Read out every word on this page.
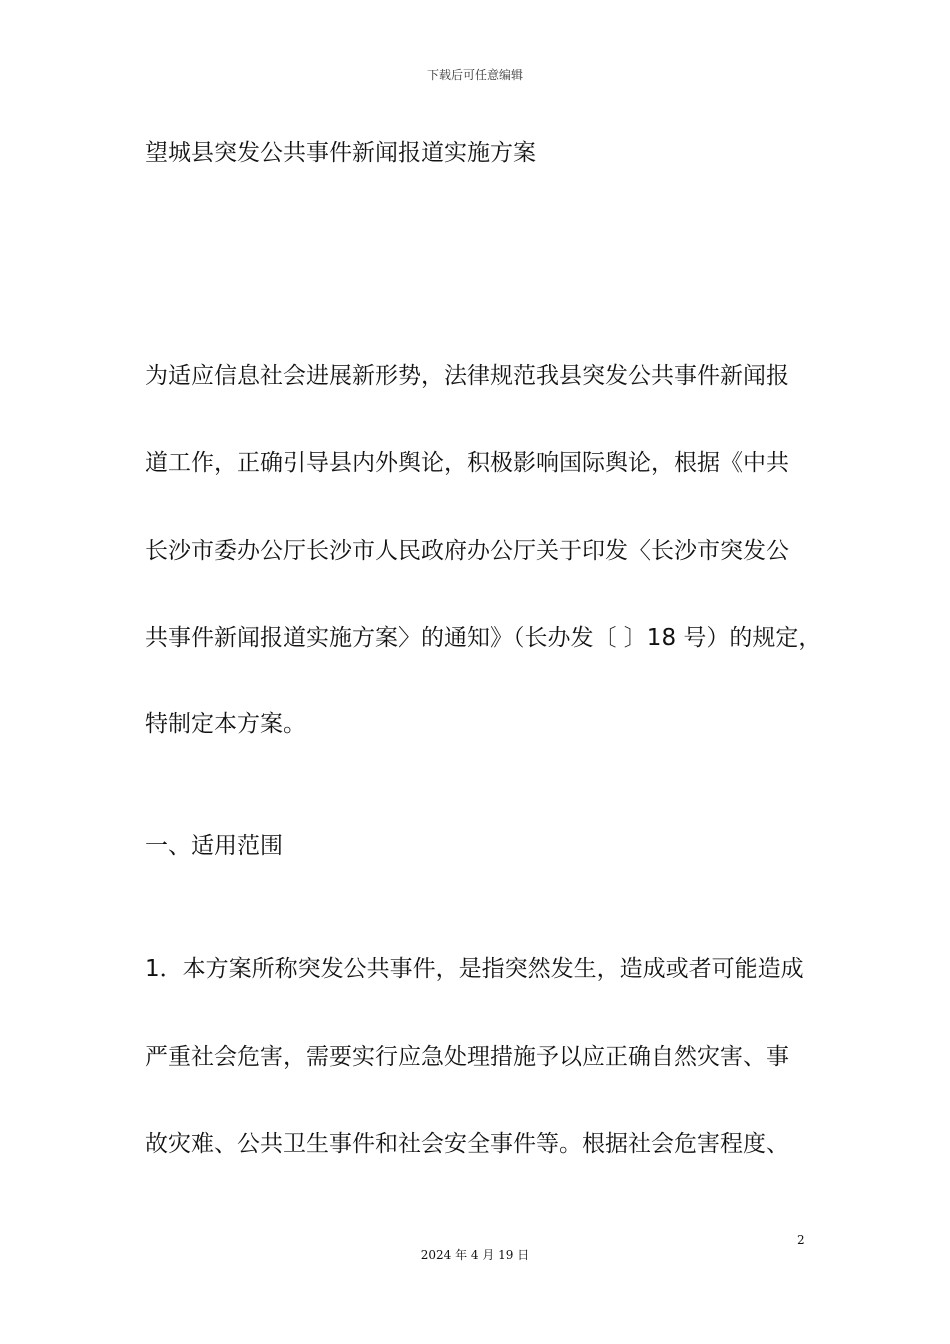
下载后可任意编辑
望城县突发公共事件新闻报道实施方案
为适应信息社会进展新形势，法律规范我县突发公共事件新闻报
道工作，正确引导县内外舆论，积极影响国际舆论，根据《中共
长沙市委办公厅长沙市人民政府办公厅关于印发〈长沙市突发公
共事件新闻报道实施方案〉的通知》（长办发〔 〕18 号）的规定，
特制定本方案。
一、适用范围
1．本方案所称突发公共事件，是指突然发生，造成或者可能造成
严重社会危害，需要实行应急处理措施予以应正确自然灾害、事
故灾难、公共卫生事件和社会安全事件等。根据社会危害程度、
2
2024 年 4 月 19 日
